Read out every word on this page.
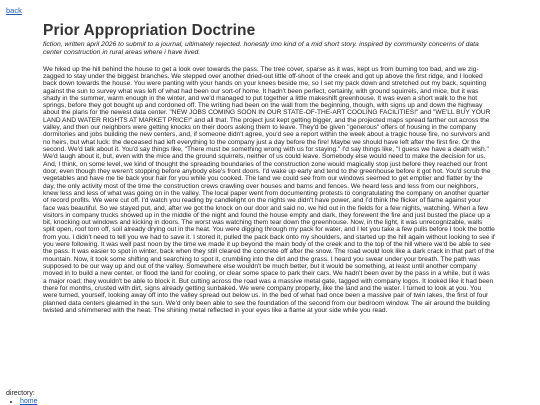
back
Prior Appropriation Doctrine

fiction, written april 2026 to submit to a journal, ultimately rejected. honestly imo kind of a mid short story. inspired by community concerns of data center construction in rural areas where i have lived.

We hiked up the hill behind the house to get a look over towards the pass. The tree cover, sparse as it was, kept us from burning too bad, and we zig-zagged to stay under the biggest branches. We stepped over another dried-out little off-shoot of the creek and got up above the first ridge, and I looked back down towards the house. You were panting with your hands on your knees beside me, so I set my pack down and stretched out my back, squinting against the sun to survey what was left of what had been our sort-of home. It hadn't been perfect, certainly, with ground squirrels, and mice, but it was shady in the summer, warm enough in the winter, and we'd managed to put together a little makeshift greenhouse. It was even a short walk to the hot springs, before they got bought up and cordoned off. The writing had been on the wall from the beginning, though, with signs up and down the highway about the plans for the newest data center. "NEW JOBS COMING SOON IN OUR STATE-OF-THE-ART COOLING FACILITIES!" and "WE'LL BUY YOUR LAND AND WATER RIGHTS AT MARKET PRICE!" and all that. The project just kept getting bigger, and the projected maps spread farther out across the valley, and then our neighbors were getting knocks on their doors asking them to leave. They'd be given "generous" offers of housing in the company dormitories and jobs building the new centers, and, if someone didn't agree, you'd see a report within the week about a tragic house fire, no survivors and no heirs, but what luck: the deceased had left everything to the company just a day before the fire! Maybe we should have left after the first fire. Or the second. We'd talk about it. You'd say things like, "There must be something wrong with us for staying." I'd say things like, "I guess we have a death wish." We'd laugh about it, but, even with the mice and the ground squirrels, neither of us could leave. Somebody else would need to make the decision for us. And, I think, on some level, we kind of thought the spreading boundaries of the construction zone would magically stop just before they reached our front door, even though they weren't stopping before anybody else's front doors. I'd wake up early and tend to the greenhouse before it got hot. You'd scrub the vegetables and have me tie back your hair for you while you cooked. The land we could see from our windows seemed to get emptier and flatter by the day, the only activity most of the time the construction crews crawling over houses and barns and fences. We heard less and less from our neighbors, knew less and less of what was going on in the valley. The local paper went from documenting protests to congratulating the company on another quarter of record profits. We were cut off. I'd watch you reading by candlelight on the nights we didn't have power, and I'd think the flicker of flame against your face was beautiful. So we stayed put, and, after we got the knock on our door and said no, we hid out in the fields for a few nights, watching. When a few visitors in company trucks showed up in the middle of the night and found the house empty and dark, they forewent the fire and just busted the place up a bit, knocking out windows and kicking in doors. The worst was watching them tear down the greenhouse. Now, in the light, it was unrecognizable, walls split open, roof torn off, soil already drying out in the heat. You were digging through my pack for water, and I let you take a few pulls before I took the bottle from you. I didn't need to tell you we had to save it. I stored it, pulled the pack back onto my shoulders, and started up the hill again without looking to see if you were following. It was well past noon by the time we made it up beyond the main body of the creek and to the top of the hill where we'd be able to see the pass. It was easier to spot in winter, back when they still cleared the concrete off after the snow. The road would look like a dark crack in that part of the mountain. Now, it took some shifting and searching to spot it, crumbling into the dirt and the grass. I heard you swear under your breath. The path was supposed to be our way up and out of the valley. Somewhere else wouldn't be much better, but it would be something, at least until another company moved in to build a new center, or flood the land for cooling, or clear some space to park their cars. We hadn't been over by the pass in a while, but it was a major road; they wouldn't be able to block it. But cutting across the road was a massive metal gate, tagged with company logos. It looked like it had been there for months, crusted with dirt, signs already getting sunbaked. We were company property, like the land and the water. I turned to look at you. You were turned, yourself, looking away off into the valley spread out below us. In the bed of what had once been a massive pair of twin lakes, the first of four planned data centers gleamed in the sun. We'd only been able to see the foundation of the second from our bedroom window. The air around the building twisted and shimmered with the heat. The shining metal reflected in your eyes like a flame at your side while you read.

directory:
• home
